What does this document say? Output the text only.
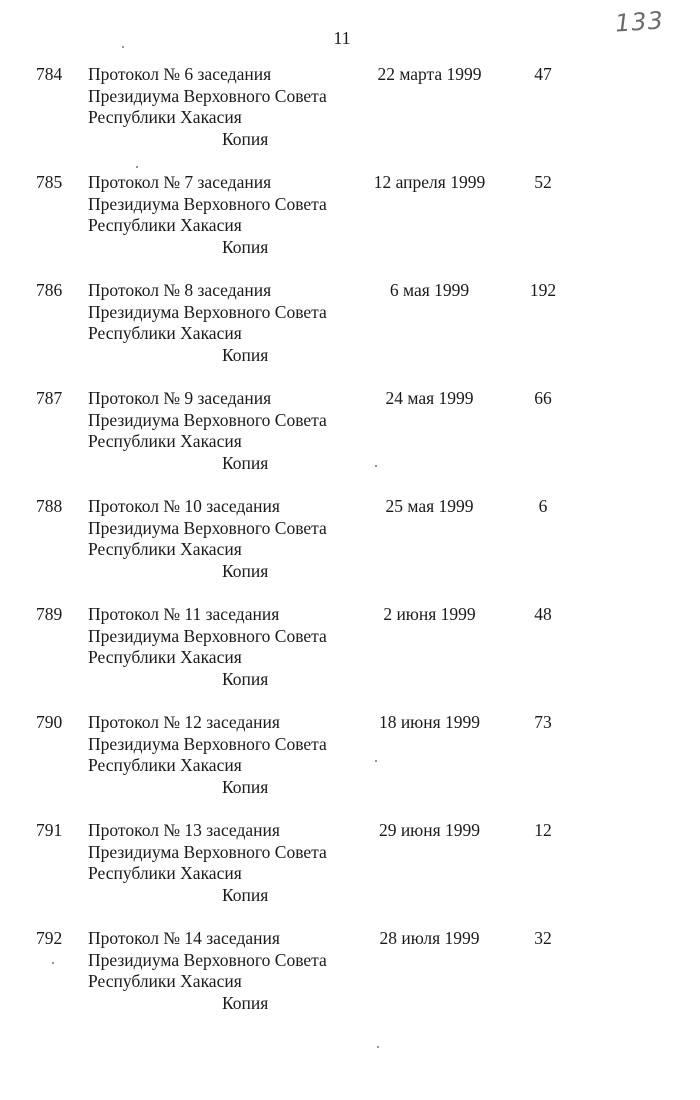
11
133
784 Протокол № 6 заседания
Президиума Верховного Совета
Республики Хакасия
Копия
22 марта 1999	47
785 Протокол № 7 заседания
Президиума Верховного Совета
Республики Хакасия
Копия
12 апреля 1999	52
786 Протокол № 8 заседания
Президиума Верховного Совета
Республики Хакасия
Копия
6 мая 1999	192
787 Протокол № 9 заседания
Президиума Верховного Совета
Республики Хакасия
Копия
24 мая 1999	66
788 Протокол № 10 заседания
Президиума Верховного Совета
Республики Хакасия
Копия
25 мая 1999	6
789 Протокол № 11 заседания
Президиума Верховного Совета
Республики Хакасия
Копия
2 июня 1999	48
790 Протокол № 12 заседания
Президиума Верховного Совета
Республики Хакасия
Копия
18 июня 1999	73
791 Протокол № 13 заседания
Президиума Верховного Совета
Республики Хакасия
Копия
29 июня 1999	12
792 Протокол № 14 заседания
Президиума Верховного Совета
Республики Хакасия
Копия
28 июля 1999	32
